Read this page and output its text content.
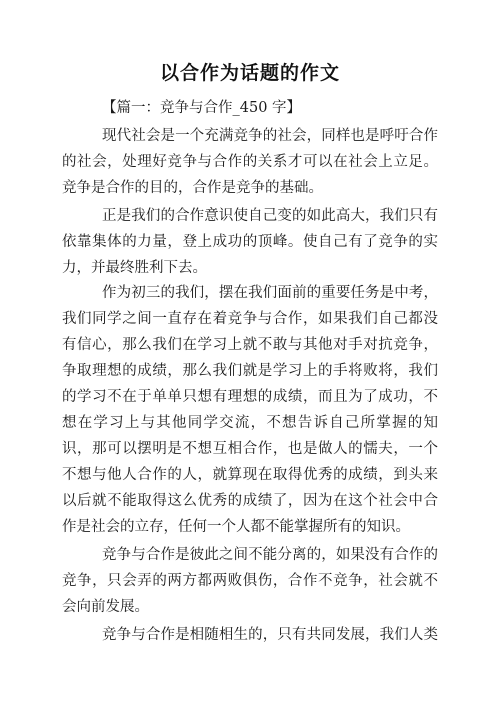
以合作为话题的作文
【篇一：竞争与合作_450 字】
现代社会是一个充满竞争的社会，同样也是呼吁合作
的社会，处理好竞争与合作的关系才可以在社会上立足。
竞争是合作的目的，合作是竞争的基础。
正是我们的合作意识使自己变的如此高大，我们只有
依靠集体的力量，登上成功的顶峰。使自己有了竞争的实
力，并最终胜利下去。
作为初三的我们，摆在我们面前的重要任务是中考，
我们同学之间一直存在着竞争与合作，如果我们自己都没
有信心，那么我们在学习上就不敢与其他对手对抗竞争，
争取理想的成绩，那么我们就是学习上的手将败将，我们
的学习不在于单单只想有理想的成绩，而且为了成功，不
想在学习上与其他同学交流，不想告诉自己所掌握的知
识，那可以摆明是不想互相合作，也是做人的懦夫，一个
不想与他人合作的人，就算现在取得优秀的成绩，到头来
以后就不能取得这么优秀的成绩了，因为在这个社会中合
作是社会的立存，任何一个人都不能掌握所有的知识。
竞争与合作是彼此之间不能分离的，如果没有合作的
竞争，只会弄的两方都两败俱伤，合作不竞争，社会就不
会向前发展。
竞争与合作是相随相生的，只有共同发展，我们人类
